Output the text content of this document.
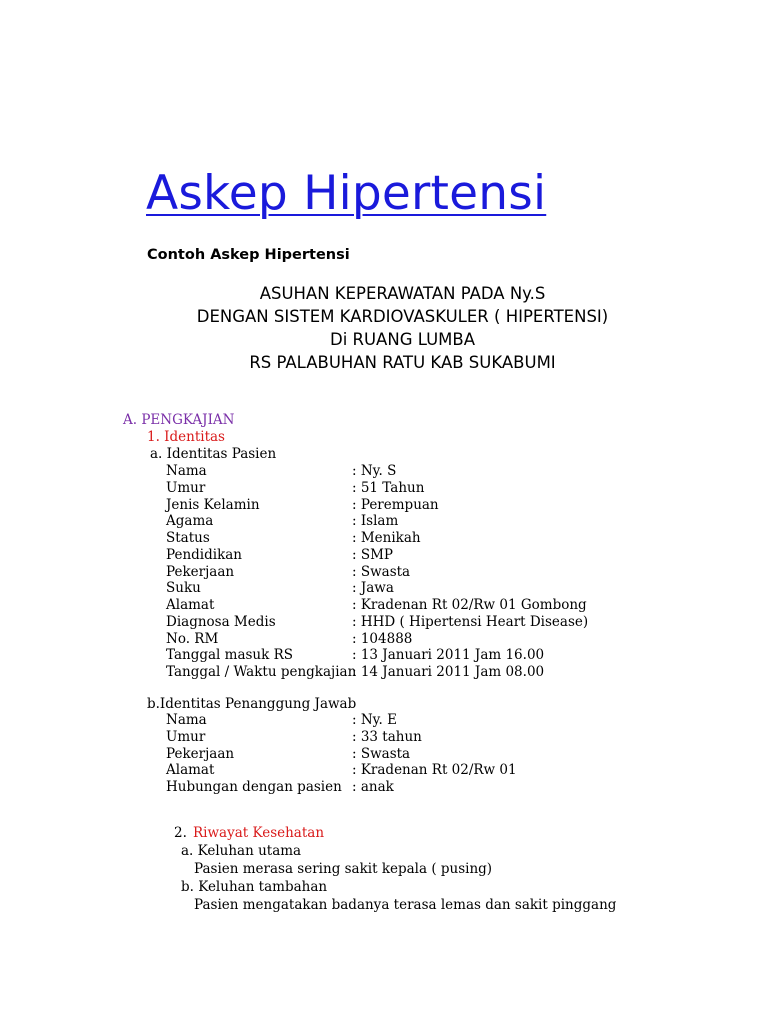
Askep Hipertensi
Contoh Askep Hipertensi
ASUHAN KEPERAWATAN PADA Ny.S
DENGAN SISTEM KARDIOVASKULER ( HIPERTENSI)
Di RUANG LUMBA
RS PALABUHAN RATU KAB SUKABUMI
A. PENGKAJIAN
1. Identitas
a. Identitas Pasien
Nama	: Ny. S
Umur	: 51 Tahun
Jenis Kelamin	: Perempuan
Agama	: Islam
Status	: Menikah
Pendidikan	: SMP
Pekerjaan	: Swasta
Suku	: Jawa
Alamat	: Kradenan Rt 02/Rw 01 Gombong
Diagnosa Medis	: HHD ( Hipertensi Heart Disease)
No. RM	: 104888
Tanggal masuk RS	: 13 Januari 2011 Jam 16.00
Tanggal / Waktu pengkajian
: 14 Januari 2011 Jam 08.00
b.Identitas Penanggung Jawab
Nama	: Ny. E
Umur	: 33 tahun
Pekerjaan	: Swasta
Alamat	: Kradenan Rt 02/Rw 01
Hubungan dengan pasien : anak
2. Riwayat Kesehatan
a. Keluhan utama
Pasien merasa sering sakit kepala ( pusing)
b. Keluhan tambahan
Pasien mengatakan badanya terasa lemas dan sakit pinggang
